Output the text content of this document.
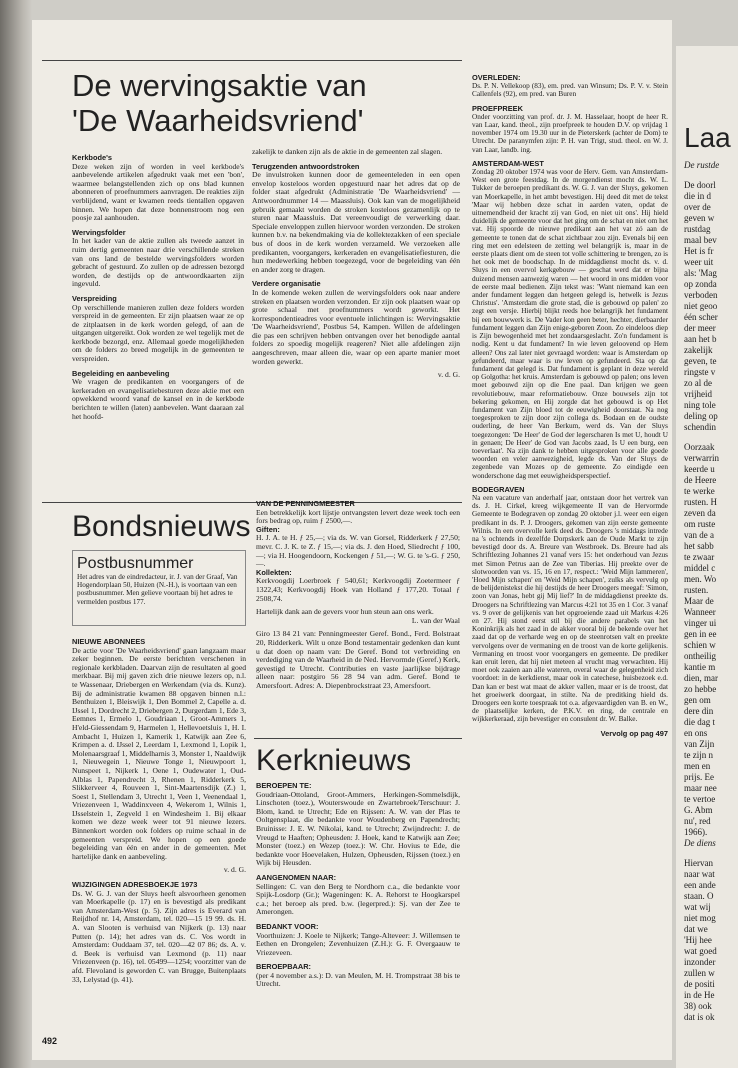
De wervingsaktie van
'De Waarheidsvriend'
Kerkbode's

Deze weken zijn of worden in veel kerkbode's aanbevelende artikelen afgedrukt vaak met een 'bon', waarmee belangstellenden zich op ons blad kunnen abonneren of proefnummers aanvragen. De reakties zijn verblijdend, want er kwamen reeds tientallen opgaven binnen. We hopen dat deze bonnenstroom nog een poosje zal aanhouden.

Wervingsfolder

In het kader van de aktie zullen als tweede aanzet in ruim dertig gemeenten naar drie verschillende streken van ons land de bestelde wervingsfolders worden gebracht of gestuurd. Zo zullen op de adressen bezorgd worden, de destijds op de antwoordkaarten zijn ingevuld.

Verspreiding

Op verschillende manieren zullen deze folders worden verspreid in de gemeenten. Er zijn plaatsen waar ze op de zitplaatsen in de kerk worden gelegd, of aan de uitgangen uitgereikt. Ook worden ze wel tegelijk met de kerkbode bezorgd, enz. Allemaal goede mogelijkheden om de folders zo breed mogelijk in de gemeenten te verspreiden.

Begeleiding en aanbeveling

We vragen de predikanten en voorgangers of de kerkeraden en evangelisatiebesturen deze aktie met een opwekkend woord vanaf de kansel en in de kerkbode berichten te willen (laten) aanbevelen. Want daaraan zal het hoofd-

zakelijk te danken zijn als de aktie in de gemeenten zal slagen.

Terugzenden antwoordstroken

De invulstroken kunnen door de gemeenteleden in een open envelop kosteloos worden opgestuurd naar het adres dat op de folder staat afgedrukt (Administratie 'De Waarheidsvriend' — Antwoordnummer 14 — Maassluis). Ook kan van de mogelijkheid gebruik gemaakt worden de stroken kosteloos gezamenlijk op te sturen naar Maassluis. Dat vereenvoudigt de verwerking daar. Speciale enveloppen zullen hiervoor worden verzonden. De stroken kunnen b.v. na bekendmaking via de kollektezakken of een speciale bus of doos in de kerk worden verzameld. We verzoeken alle predikanten, voorgangers, kerkeraden en evangelisatiefiesturen, die hun medewerking hebben toegezegd, voor de begeleiding van één en ander zorg te dragen.

Verdere organisatie

In de komende weken zullen de wervingsfolders ook naar andere streken en plaatsen worden verzonden. Er zijn ook plaatsen waar op grote schaal met proefnummers wordt geworkt. Het korrespondentieadres voor eventuele inlichtingen is: Wervingsaktie 'De Waarheidsvriend', Postbus 54, Kampen. Willen de afdelingen die pas een schrijven hebben ontvangen over het benodigde aantal folders zo spoedig mogelijk reageren? Niet alle afdelingen zijn aangeschreven, maar alleen die, waar op een aparte manier moet worden gewerkt.

v. d. G.
Bondsnieuws
Postbusnummer
Het adres van de eindredacteur, ir. J. van der Graaf, Van Hogendorplaan 50, Huizen (N.-H.), is voortaan van een postbusnummer. Men gelieve voortaan bij het adres te vermelden postbus 177.
NIEUWE ABONNEES

De actie voor 'De Waarheidsvriend' gaan langzaam maar zeker beginnen. De eerste berichten verschenen in regionale kerkbladen. Daarvan zijn de resultaten al goed merkbaar. Bij mij gaven zich drie nieuwe lezers op, n.l. te Wassenaar, Driebergen en Werkendam (via ds. Kunz). Bij de administratie kwamen 88 opgaven binnen n.l.: Benthuizen 1, Bleiswijk 1, Den Bommel 2, Capelle a. d. IJssel 1, Dordrecht 2, Driebergen 2, Durgerdam 1, Ede 3, Eemnes 1, Ermelo 1, Goudriaan 1, Groot-Ammers 1, H'eld-Giessendam 9, Harmelen 1, Hellevoetsluis 1, H. I. Ambacht 1, Huizen 1, Kamerik 1, Katwijk aan Zee 6, Krimpen a. d. IJssel 2, Leerdam 1, Lexmond 1, Lopik 1, Molenaarsgraaf 1, Middelharnis 3, Monster 1, Naaldwijk 1, Nieuwegein 1, Nieuwe Tonge 1, Nieuwpoort 1, Nunspeet 1, Nijkerk 1, Oene 1, Oudewater 1, Oud-Alblas 1, Papendrecht 3, Rhenen 1, Ridderkerk 5, Slikkerveer 4, Rouveen 1, Sint-Maartensdijk (Z.) 1, Soest 1, Stellendam 3, Utrecht 1, Veen 1, Veenendaal 1, Vriezenveen 1, Waddinxveen 4, Wekerom 1, Wilnis 1, IJsselstein 1, Zegveld 1 en Windesheim 1. Bij elkaar komen we deze week weer tot 91 nieuwe lezers. Binnenkort worden ook folders op ruime schaal in de gemeenten verspreid. We hopen op een goede begeleiding van één en ander in de gemeenten. Met hartelijke dank en aanbeveling.

v. d. G.
WIJZIGINGEN ADRESBOEKJE 1973

Ds. W. G. J. van der Sluys heeft alsvoorheen genomen van Moerkapelle (p. 17) en is bevestigd als predikant van Amsterdam-West (p. 5). Zijn adres is Everard van Reijdhof nr. 14, Amsterdam, tel. 020—15 19 99. ds. H. A. van Slooten is verhuisd van Nijkerk (p. 13) naar Putten (p. 14); het adres van ds. C. Vos wordt in Amsterdam: Ouddaam 37, tel. 020—42 07 86; ds. A. v. d. Beek is verhuisd van Lexmond (p. 11) naar Vriezenveen (p. 16), tel. 05499—1254; voorzitter van de afd. Flevoland is geworden C. van Brugge, Buitenplaats 33, Lelystad (p. 41).

VAN DE PENNINGMEESTER

Een betrekkelijk kort lijstje ontvangsten levert deze week toch een fors bedrag op, ruim ƒ 2500,—.

Giften:

H. J. A. te H. ƒ 25,—; via ds. W. van Gorsel, Ridderkerk ƒ 27,50; mevr. C. J. K. te Z. ƒ 15,—; via ds. J. den Hoed, Sliedrecht ƒ 100,—; via H. Hoogendoorn, Kockengen ƒ 51,—; W. G. te 's-G. ƒ 250,—.

Kollekten:

Kerkvoogdij Loerbroek ƒ 540,61; Kerkvoogdij Zoetermeer ƒ 1322,43; Kerkvoogdij Hoek van Holland ƒ 177,20. Totaal ƒ 2508,74.

Hartelijk dank aan de gevers voor hun steun aan ons werk.

L. van der Waal

Giro 13 84 21 van: Penningmeester Geref. Bond., Ferd. Bolstraat 20, Ridderkerk. Wilt u onze Bond testamentair gedenken dan kunt u dat doen op naam van: De Geref. Bond tot verbreiding en verdediging van de Waarheid in de Ned. Hervormde (Geref.) Kerk, gevestigd te Utrecht. Contributies en vaste jaarlijkse bijdrage alleen naar: postgiro 56 28 94 van adm. Geref. Bond te Amersfoort. Adres: A. Diepenbrockstraat 23, Amersfoort.

Kerknieuws
BEROEPEN TE:

Goudriaan-Ottoland, Groot-Ammers, Herkingen-Sommelsdijk, Linschoten (toez.), Wouterswoude en Zwartebroek/Terschuur: J. Blom, kand. te Utrecht; Ede en Rijssen: A. W. van der Plas te Ooltgensplaat, die bedankte voor Woudenberg en Papendrecht; Bruinisse: J. E. W. Nikolai, kand. te Utrecht; Zwijndrecht: J. de Vreugd te Haaften; Opheusden: J. Hoek, kand te Katwijk aan Zee; Monster (toez.) en Wezep (toez.): W. Chr. Hovius te Ede, die bedankte voor Hoevelaken, Hulzen, Opheusden, Rijssen (toez.) en Wijk bij Heusden.

AANGENOMEN NAAR:

Sellingen: C. van den Berg te Nordhorn c.a., die bedankte voor Spijk-Losdorp (Gr.); Wageningen: K. A. Rehorst te Hoogkarspel c.a.; het beroep als pred. b.w. (legerpred.): Sj. van der Zee te Amerongen.

BEDANKT VOOR:

Voorthuizen: J. Koele te Nijkerk; Tange-Alteveer: J. Willemsen te Eethen en Drongelen; Zevenhuizen (Z.H.): G. F. Overgaauw te Vriezeveen.

BEROEPBAAR:

(per 4 november a.s.): D. van Meulen, M. H. Trompstraat 38 bis te Utrecht.

OVERLEDEN:

Ds. P. N. Vellekoop (83), em. pred. van Winsum; Ds. P. V. v. Stein Callenfels (92), em pred. van Buren

PROEFPREEK

Onder voorzitting van prof. dr. J. M. Hasselaar, hoopt de heer R. van Laar, kand. theol., zijn proefpreek te houden D.V. op vrijdag 1 november 1974 om 19.30 uur in de Pieterskerk (achter de Dom) te Utrecht. De paranymfen zijn: P. H. van Trigt, stud. theol. en W. J. van Laar, landb. ing.

AMSTERDAM-WEST

Zondag 20 oktober 1974 was voor de Herv. Gem. van Amsterdam-West een grote feestdag. In de morgendienst mocht ds. W. L. Tukker de beroepen predikant ds. W. G. J. van der Sluys, gekomen van Moerkapelle, in het ambt bevestigen. Hij deed dit met de tekst 'Maar wij hebben deze schat in aarden vaten, opdat de uitnemendheid der kracht zij van God, en niet uit ons'. Hij hield duidelijk de gemeente voor dat het ging om de schat en niet om het vat. Hij spoorde de nieuwe predikant aan het vat zó aan de gemeente te tonen dat de schat zichtbaar zou zijn. Evenals bij een ring met een edelsteen de zetting wel belangrijk is, maar in de eerste plaats dient om de steen tot volle schittering te brengen, zo is het ook met de boodschap. In de middagdienst mocht ds. v. d. Sluys in een overvol kerkgebouw — geschat werd dat er bijna duizend mensen aanwezig waren — het woord in ons midden voor de eerste maal bedienen. Zijn tekst was: 'Want niemand kan een ander fundament leggen dan hetgeen gelegd is, hetwelk is Jezus Christus'. 'Amsterdam die grote stad, die is gebouwd op palen' zo zegt een versje. Hierbij blijkt reeds hoe belangrijk het fundament bij een bouwwerk is. De Vader kon geen beter, hechter, dierbaarder fundament leggen dan Zijn enige-geboren Zoon. Zo eindeloos diep is Zijn bewogenheid met het zondaarsgeslacht. Zo'n fundament is nodig. Kent u dat fundament? In wie leven geloovend op Hem alleen? Ons zal later niet gevraagd worden: waar is Amsterdam op gefundeerd, maar waar is uw leven op gefundeerd. Sta op dat fundament dat gelegd is. Dat fundament is geplant in deze wereld op Golgotha: het kruis. Amsterdam is gebouwd op palen; ons leven moet gebouwd zijn op die Ene paal. Dan krijgen we geen revolutiebouw, maar reformatiebouw. Onze bouwsels zijn tot bekering gekomen, en Hij zorgde dat het gebouwd is op Het fundament van Zijn bloed tot de eeuwigheid doorstaat. Na nog toegesproken te zijn door zijn collega ds. Bodaan en de oudste ouderling, de heer Van Berkum, werd ds. Van der Sluys toegezongen: 'De Heer' de God der legerscharen Is met U, houdt U in genaen; De Heer' de God van Jacobs zaad, Is U een burg, een toeverlaat'. Na zijn dank te hebben uitgesproken voor alle goede woorden en veler aanwezigheid, legde ds. Van der Sluys de zegenbede van Mozes op de gemeente. Zo eindigde een wonderschone dag met eeuwigheidsperspectief.

BODEGRAVEN

Na een vacature van anderhalf jaar, ontstaan door het vertrek van ds. J. H. Cirkel, kreeg wijkgemeente II van de Hervormde Gemeente te Bodegraven op zondag 20 oktober j.l. weer een eigen predikant in ds. P. J. Droogers, gekomen van zijn eerste gemeente Wilnis. In een overvolle kerk deed ds. Droogers 's middags intrede na 's ochtends in dezelfde Dorpskerk aan de Oude Markt te zijn bevestigd door ds. A. Breure van Westbroek. Ds. Breure had als Schriftlezing Johannes 21 vanaf vers 15: het onderhoud van Jezus met Simon Petrus aan de Zee van Tiberias. Hij preekte over de slotwoorden van vs. 15, 16 en 17, respect.: 'Weid Mijn lammeren', 'Hoed Mijn schapen' en 'Weid Mijn schapen', zulks als vervulg op de belijdenistekst die hij destijds de heer Droogers meegaf: 'Simon, zoon van Jonas, hebt gij Mij lief?' In de middagdienst preekte ds. Droogers na Schriftlezing van Marcus 4:21 tot 35 en 1 Cor. 3 vanaf vs. 9 over de gelijkenis van het opgroeiende zaad uit Markus 4:26 en 27. Hij stond eerst stil bij die andere parabels van het Koninkrijk als het zaad in de akker vooral bij de bekende over het zaad dat op de verharde weg en op de steenrotsen valt en preekte vervolgens over de vermaning en de troost van de korte gelijkenis. Vermaning en troost voor voorgangers en gemeente. De prediker kan eruit leren, dat hij niet meteen al vrucht mag verwachten. Hij moet ook zaaien aan alle wateren, overal waar de gelegenheid zich voordoet: in de kerkdienst, maar ook in catechese, huisbezoek e.d. Dan kan er best wat maat de akker vallen, maar er is de troost, dat het groeiwerk doorgaat, in stilte. Na de preditking hield ds. Droogers een korte toespraak tot o.a. afgevaardigden van B. en W., de plaatselijke kerken, de P.K.V. en ring, de centrale en wijkkerkeraad, zijn bevestiger en consulent dr. W. Balke.

Vervolg op pag 497
492
Laa
De rustde
De doorl
die in d
over de
geven w
rustdag
maal bev
Het is fr
weer uit
als: 'Mag
op zonda
verboden
niet geoo
één scher
der meer
aan het b
zakelijk
geven, te
ringste v
zo al de
vrijheid
ning tole
deling op
schendin
Oorzaak
verwarrin
keerde u
de Heere
te werke
rusten. H
zeven da
om ruste
van de a
het sabb
te zwaar
middel c
men. Wo
rusten.
Maar de
Wanneer
vinger ui
gen in ee
schien w
ontheilig
kantie m
dien, mar
zo hebbe
gen om
dere din
die dag t
en ons
van Zijn
te zijn n
men en
prijs. Ee
maar nee
te vertoe
G. Abm
nu', red
1966).
De diens
Hiervan
naar wat
een ande
staan. O
wat wij
niet mog
dat we
'Hij hee
wat goed
inzonder
zullen w
de positi
in de He
38) ook
dat is ok
